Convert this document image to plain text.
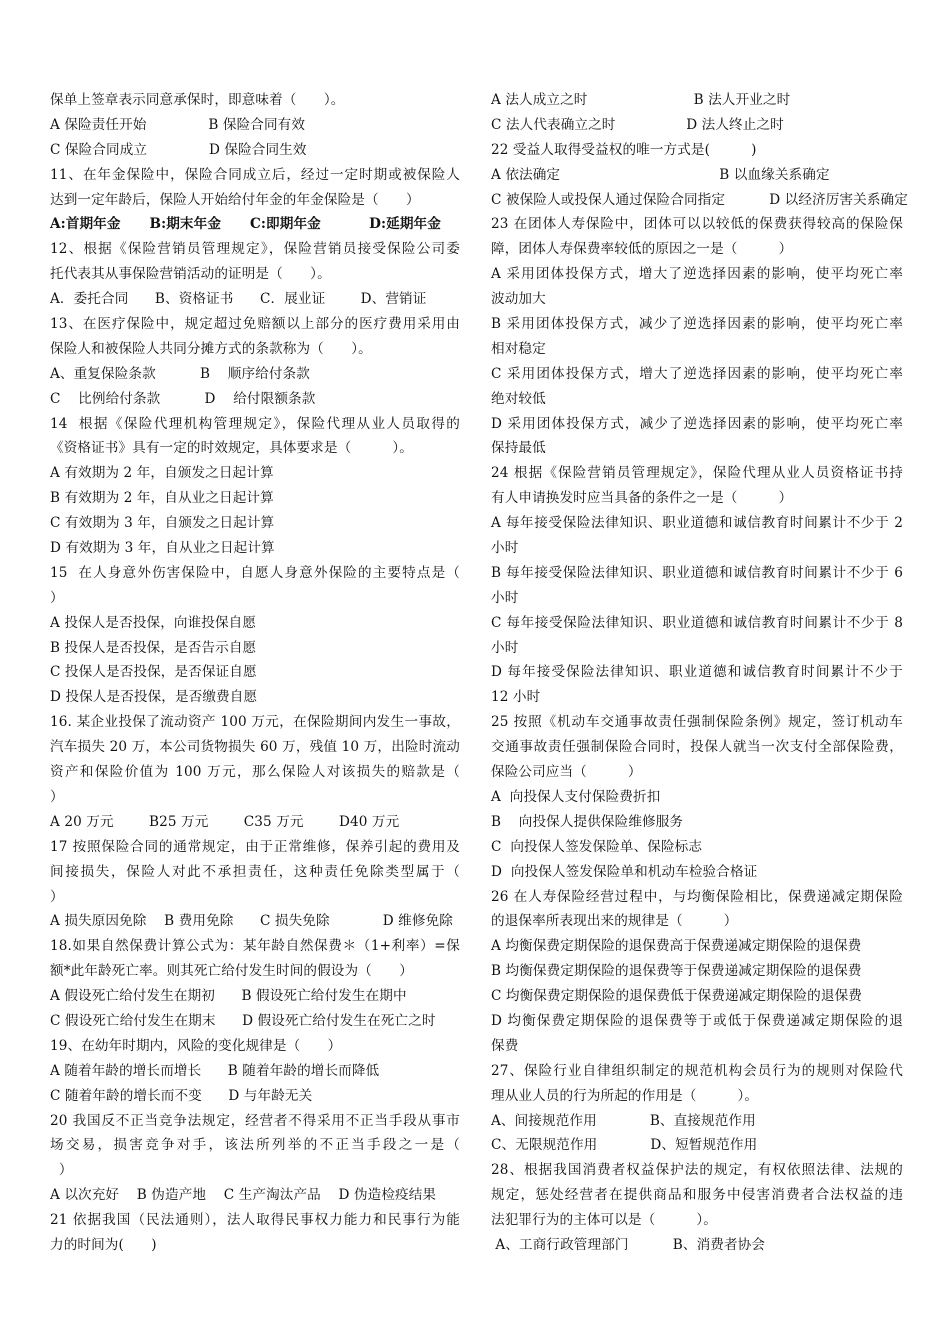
保单上签章表示同意承保时，即意味着（　　）。
A 保险责任开始              B 保险合同有效
C 保险合同成立              D 保险合同生效
11、在年金保险中，保险合同成立后，经过一定时期或被保险人
达到一定年龄后，保险人开始给付年金的年金保险是（　　）
A:首期年金      B:期末年金      C:即期年金          D:延期年金
12、根据《保险营销员管理规定》，保险营销员接受保险公司委
托代表其从事保险营销活动的证明是（　　）。
A．委托合同      B、资格证书      C．展业证        D、营销证
13、在医疗保险中，规定超过免赔额以上部分的医疗费用采用由
保险人和被保险人共同分摊方式的条款称为（　　）。
A、重复保险条款          B    顺序给付条款
C    比例给付条款          D    给付限额条款
14  根据《保险代理机构管理规定》，保险代理从业人员取得的
《资格证书》具有一定的时效规定，具体要求是（　　　）。
A 有效期为 2 年，自颁发之日起计算
B 有效期为 2 年，自从业之日起计算
C 有效期为 3 年，自颁发之日起计算
D 有效期为 3 年，自从业之日起计算
15  在人身意外伤害保险中，自愿人身意外保险的主要特点是（
）
A 投保人是否投保，向谁投保自愿
B 投保人是否投保，是否告示自愿
C 投保人是否投保，是否保证自愿
D 投保人是否投保，是否缴费自愿
16. 某企业投保了流动资产 100 万元，在保险期间内发生一事故，
汽车损失 20 万，本公司货物损失 60 万，残值 10 万，出险时流动
资产和保险价值为 100 万元，那么保险人对该损失的赔款是（
）
A 20 万元        B25 万元        C35 万元        D40 万元
17 按照保险合同的通常规定，由于正常维修，保养引起的费用及
间接损失，保险人对此不承担责任，这种责任免除类型属于（
）
A 损失原因免除    B 费用免除      C 损失免除            D 维修免除
18.如果自然保费计算公式为：某年龄自然保费＊（1+利率）=保
额*此年龄死亡率。则其死亡给付发生时间的假设为（　　）
A 假设死亡给付发生在期初      B 假设死亡给付发生在期中
C 假设死亡给付发生在期末      D 假设死亡给付发生在死亡之时
19、在幼年时期内，风险的变化规律是（　　）
A 随着年龄的增长而增长      B 随着年龄的增长而降低
C 随着年龄的增长而不变      D 与年龄无关
20 我国反不正当竞争法规定，经营者不得采用不正当手段从事市
场交易，损害竞争对手，该法所列举的不正当手段之一是（
）
A 以次充好    B 伪造产地    C 生产淘汰产品    D 伪造检疫结果
21 依据我国（民法通则），法人取得民事权力能力和民事行为能
力的时间为(　　)
A 法人成立之时                        B 法人开业之时
C 法人代表确立之时                D 法人终止之时
22 受益人取得受益权的唯一方式是(　　　)
A 依法确定                                    B 以血缘关系确定
C 被保险人或投保人通过保险合同指定          D 以经济厉害关系确定
23 在团体人寿保险中，团体可以以较低的保费获得较高的保险保
障，团体人寿保费率较低的原因之一是（　　　）
A 采用团体投保方式，增大了逆选择因素的影响，使平均死亡率
波动加大
B 采用团体投保方式，减少了逆选择因素的影响，使平均死亡率
相对稳定
C 采用团体投保方式，增大了逆选择因素的影响，使平均死亡率
绝对较低
D 采用团体投保方式，减少了逆选择因素的影响，使平均死亡率
保持最低
24 根据《保险营销员管理规定》，保险代理从业人员资格证书持
有人申请换发时应当具备的条件之一是（　　　）
A 每年接受保险法律知识、职业道德和诚信教育时间累计不少于 2
小时
B 每年接受保险法律知识、职业道德和诚信教育时间累计不少于 6
小时
C 每年接受保险法律知识、职业道德和诚信教育时间累计不少于 8
小时
D 每年接受保险法律知识、职业道德和诚信教育时间累计不少于
12 小时
25 按照《机动车交通事故责任强制保险条例》规定，签订机动车
交通事故责任强制保险合同时，投保人就当一次支付全部保险费，
保险公司应当（　　　）
A  向投保人支付保险费折扣
B    向投保人提供保险维修服务
C  向投保人签发保险单、保险标志
D  向投保人签发保险单和机动车检验合格证
26 在人寿保险经营过程中，与均衡保险相比，保费递减定期保险
的退保率所表现出来的规律是（　　　）
A 均衡保费定期保险的退保费高于保费递减定期保险的退保费
B 均衡保费定期保险的退保费等于保费递减定期保险的退保费
C 均衡保费定期保险的退保费低于保费递减定期保险的退保费
D 均衡保费定期保险的退保费等于或低于保费递减定期保险的退
保费
27、保险行业自律组织制定的规范机构会员行为的规则对保险代
理从业人员的行为所起的作用是（　　　）。
A、间接规范作用            B、直接规范作用
C、无限规范作用            D、短暂规范作用
28、根据我国消费者权益保护法的规定，有权依照法律、法规的
规定，惩处经营者在提供商品和服务中侵害消费者合法权益的违
法犯罪行为的主体可以是（　　　）。
A、工商行政管理部门          B、消费者协会
